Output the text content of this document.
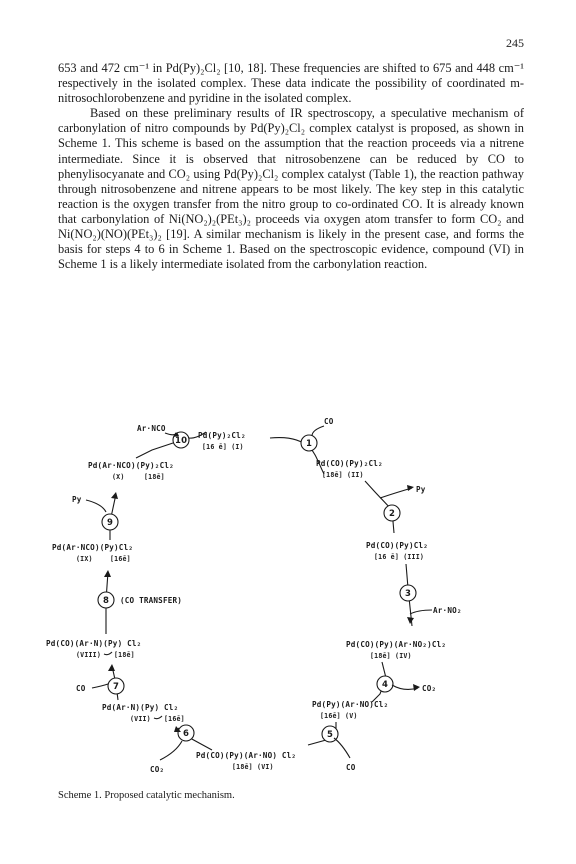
245

653 and 472 cm⁻¹ in Pd(Py)₂Cl₂ [10, 18]. These frequencies are shifted to 675 and 448 cm⁻¹ respectively in the isolated complex. These data indicate the possibility of coordinated m-nitrosochlorobenzene and pyridine in the isolated complex.

Based on these preliminary results of IR spectroscopy, a speculative mechanism of carbonylation of nitro compounds by Pd(Py)₂Cl₂ complex catalyst is proposed, as shown in Scheme 1. This scheme is based on the assumption that the reaction proceeds via a nitrene intermediate. Since it is observed that nitrosobenzene can be reduced by CO to phenylisocyanate and CO₂ using Pd(Py)₂Cl₂ complex catalyst (Table 1), the reaction pathway through nitrosobenzene and nitrene appears to be most likely. The key step in this catalytic reaction is the oxygen transfer from the nitro group to co-ordinated CO. It is already known that carbonylation of Ni(NO₂)₂(PEt₃)₂ proceeds via oxygen atom transfer to form CO₂ and Ni(NO₂)(NO)(PEt₃)₂ [19]. A similar mechanism is likely in the present case, and forms the basis for steps 4 to 6 in Scheme 1. Based on the spectroscopic evidence, compound (VI) in Scheme 1 is a likely intermediate isolated from the carbonylation reaction.

Pd(Py)₂Cl₂
[16 ē] (I)
10
Ar·NCO
1
CO
Pd(CO)(Py)₂Cl₂
[18ē] (II)
2
Py
Pd(CO)(Py)Cl₂
[16 ē] (III)
3
Ar·NO₂
Pd(CO)(Py)(Ar·NO₂)Cl₂
[18ē] (IV)
4	CO₂
Pd(Py)(Ar·NO)Cl₂
[16ē] (V)
5
CO
Pd(CO)(Py)(Ar·NO) Cl₂
[18ē] (VI)
6
CO₂
Pd(Ar·N)(Py) Cl₂
(VII) [16ē]
7
CO
Pd(CO)(Ar·N)(Py) Cl₂
(VIII) [18ē]
8 (CO TRANSFER)
Pd(Ar·NCO)(Py)Cl₂
(IX)	[16ē]
9
Py
Pd(Ar·NCO)(Py)₂Cl₂
(X)	[18ē]
Scheme 1. Proposed catalytic mechanism.
